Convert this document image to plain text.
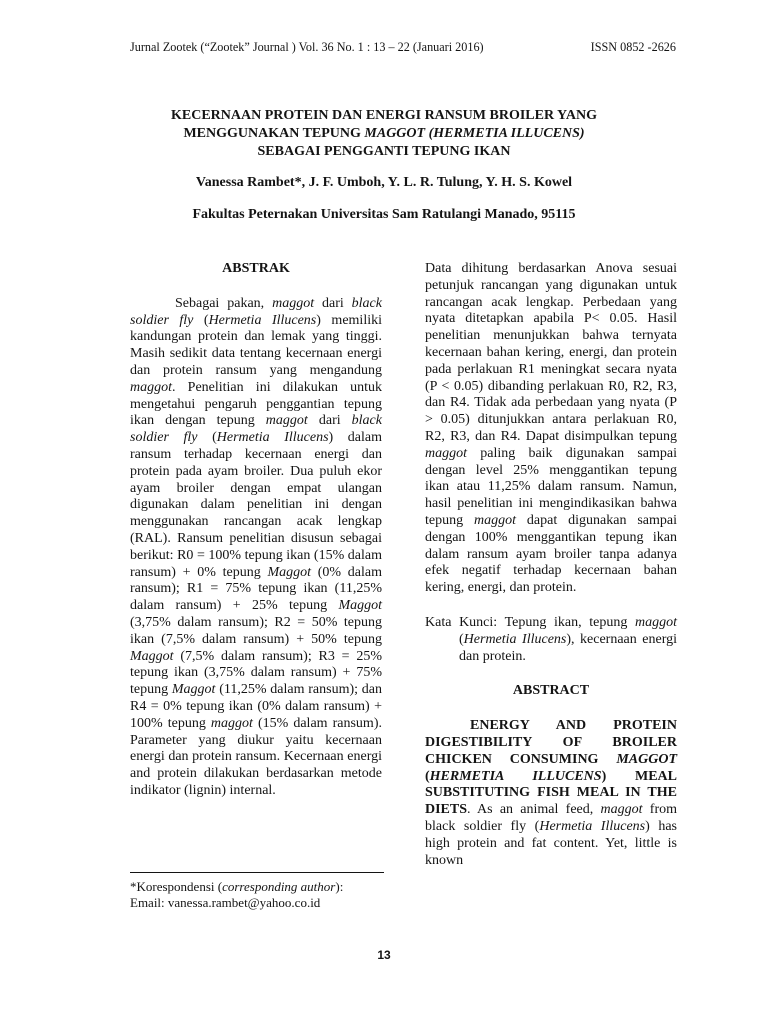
Jurnal Zootek (“Zootek” Journal ) Vol. 36 No. 1 : 13 – 22 (Januari 2016)	ISSN 0852 -2626
KECERNAAN PROTEIN DAN ENERGI RANSUM BROILER YANG
MENGGUNAKAN TEPUNG MAGGOT (HERMETIA ILLUCENS)
SEBAGAI PENGGANTI TEPUNG IKAN
Vanessa Rambet*, J. F. Umboh, Y. L. R. Tulung, Y. H. S. Kowel
Fakultas Peternakan Universitas Sam Ratulangi Manado, 95115
ABSTRAK

Sebagai pakan, maggot dari black soldier fly (Hermetia Illucens) memiliki kandungan protein dan lemak yang tinggi. Masih sedikit data tentang kecernaan energi dan protein ransum yang mengandung maggot. Penelitian ini dilakukan untuk mengetahui pengaruh penggantian tepung ikan dengan tepung maggot dari black soldier fly (Hermetia Illucens) dalam ransum terhadap kecernaan energi dan protein pada ayam broiler. Dua puluh ekor ayam broiler dengan empat ulangan digunakan dalam penelitian ini dengan menggunakan rancangan acak lengkap (RAL). Ransum penelitian disusun sebagai berikut: R0 = 100% tepung ikan (15% dalam ransum) + 0% tepung Maggot (0% dalam ransum); R1 = 75% tepung ikan (11,25% dalam ransum) + 25% tepung Maggot (3,75% dalam ransum); R2 = 50% tepung ikan (7,5% dalam ransum) + 50% tepung Maggot (7,5% dalam ransum); R3 = 25% tepung ikan (3,75% dalam ransum) + 75% tepung Maggot (11,25% dalam ransum); dan R4 = 0% tepung ikan (0% dalam ransum) + 100% tepung maggot (15% dalam ransum). Parameter yang diukur yaitu kecernaan energi dan protein ransum. Kecernaan energi and protein dilakukan berdasarkan metode indikator (lignin) internal.

Data dihitung berdasarkan Anova sesuai petunjuk rancangan yang digunakan untuk rancangan acak lengkap. Perbedaan yang nyata ditetapkan apabila P< 0.05. Hasil penelitian menunjukkan bahwa ternyata kecernaan bahan kering, energi, dan protein pada perlakuan R1 meningkat secara nyata (P < 0.05) dibanding perlakuan R0, R2, R3, dan R4. Tidak ada perbedaan yang nyata (P > 0.05) ditunjukkan antara perlakuan R0, R2, R3, dan R4. Dapat disimpulkan tepung maggot paling baik digunakan sampai dengan level 25% menggantikan tepung ikan atau 11,25% dalam ransum. Namun, hasil penelitian ini mengindikasikan bahwa tepung maggot dapat digunakan sampai dengan 100% menggantikan tepung ikan dalam ransum ayam broiler tanpa adanya efek negatif terhadap kecernaan bahan kering, energi, dan protein.

Kata Kunci: Tepung ikan, tepung maggot (Hermetia Illucens), kecernaan energi dan protein.

ABSTRACT

ENERGY AND PROTEIN DIGESTIBILITY OF BROILER CHICKEN CONSUMING MAGGOT (HERMETIA ILLUCENS) MEAL SUBSTITUTING FISH MEAL IN THE DIETS. As an animal feed, maggot from black soldier fly (Hermetia Illucens) has high protein and fat content. Yet, little is known

*Korespondensi (corresponding author):
Email: vanessa.rambet@yahoo.co.id
13
